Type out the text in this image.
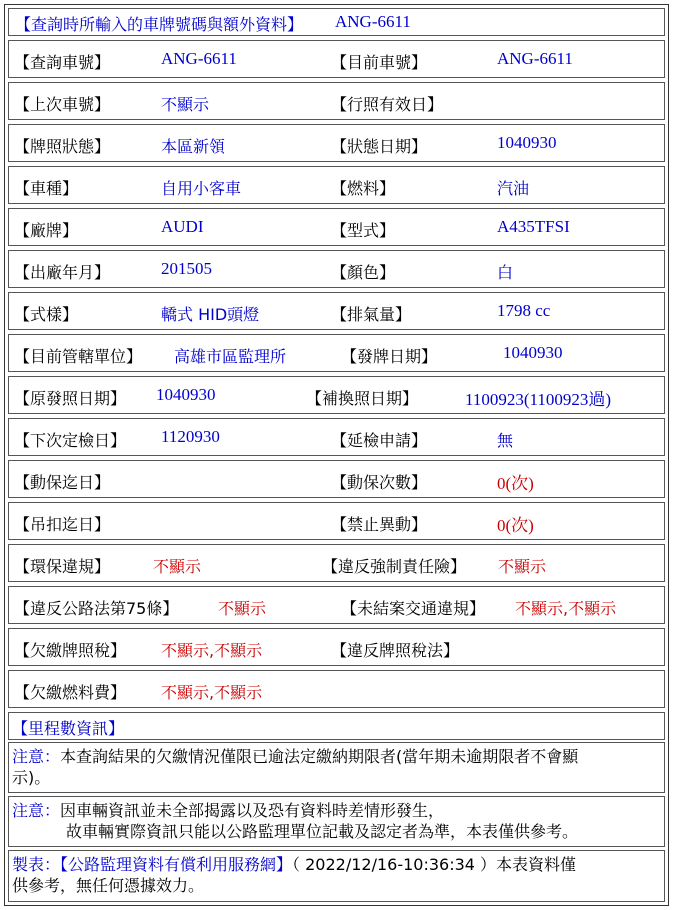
【查詢時所輸入的車牌號碼與額外資料】 ANG-6611
【查詢車號】	ANG-6611	【目前車號】	ANG-6611
【上次車號】	不顯示	【行照有效日】
【牌照狀態】	本區新領	【狀態日期】	1040930
【車種】	自用小客車	【燃料】	汽油
【廠牌】	AUDI	【型式】	A435TFSI
【出廠年月】	201505	【顏色】	白
【式樣】	轎式 HID頭燈	【排氣量】	1798 cc
【目前管轄單位】 高雄市區監理所	【發牌日期】	1040930
【原發照日期】 1040930	【補換照日期】	1100923(1100923過)
【下次定檢日】 1120930	【延檢申請】	無
【動保迄日】	【動保次數】	0(次)
【吊扣迄日】	【禁止異動】	0(次)
【環保違規】	不顯示	【違反強制責任險】 不顯示
【違反公路法第75條】 不顯示	【未結案交通違規】 不顯示,不顯示
【欠繳牌照稅】 不顯示,不顯示	【違反牌照稅法】
【欠繳燃料費】 不顯示,不顯示
【里程數資訊】
注意：本查詢結果的欠繳情況僅限已逾法定繳納期限者(當年期未逾期限者不會顯
示)。
注意：因車輛資訊並未全部揭露以及恐有資料時差情形發生，
故車輛實際資訊只能以公路監理單位記載及認定者為準，本表僅供參考。
製表：【公路監理資料有償利用服務網】（ 2022/12/16-10:36:34 ）本表資料僅
供參考，無任何憑據效力。
